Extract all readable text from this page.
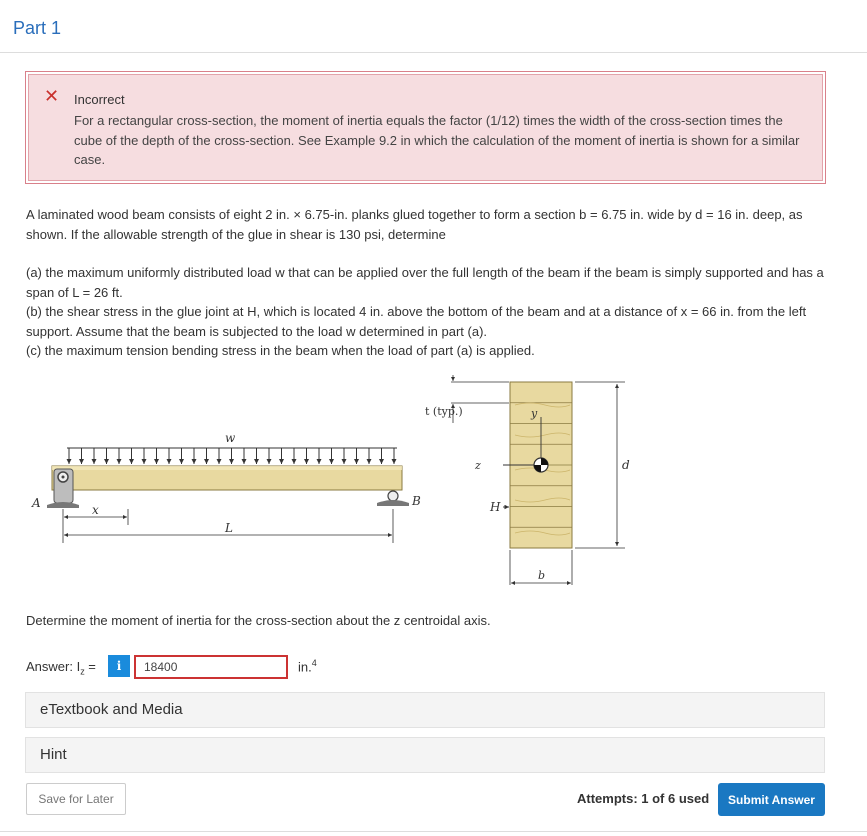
Part 1
✕ Incorrect
For a rectangular cross-section, the moment of inertia equals the factor (1/12) times the width of the cross-section times the cube of the depth of the cross-section. See Example 9.2 in which the calculation of the moment of inertia is shown for a similar case.
A laminated wood beam consists of eight 2 in. × 6.75-in. planks glued together to form a section b = 6.75 in. wide by d = 16 in. deep, as shown. If the allowable strength of the glue in shear is 130 psi, determine
(a) the maximum uniformly distributed load w that can be applied over the full length of the beam if the beam is simply supported and has a span of L = 26 ft.
(b) the shear stress in the glue joint at H, which is located 4 in. above the bottom of the beam and at a distance of x = 66 in. from the left support. Assume that the beam is subjected to the load w determined in part (a).
(c) the maximum tension bending stress in the beam when the load of part (a) is applied.
w
A	B
x
L
t (typ.)	y
z
H
d
b
Determine the moment of inertia for the cross-section about the z centroidal axis.
Answer: $I_z$ =	i
18400	in.$^4$
eTextbook and Media
Hint
Save for Later	Attempts: 1 of 6 used	Submit Answer
